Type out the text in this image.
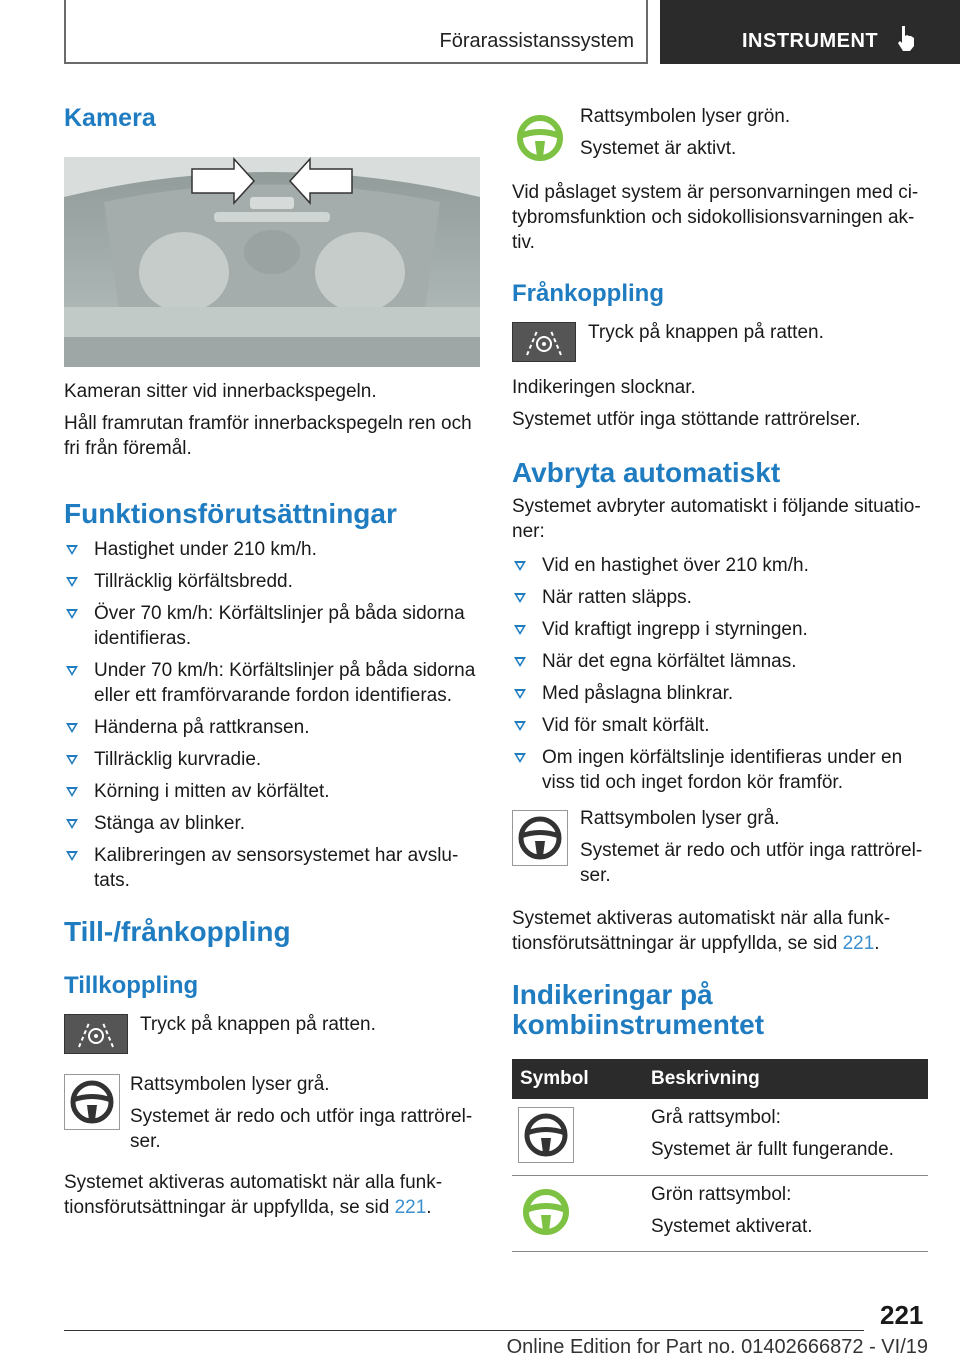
Förarassistanssystem	INSTRUMENT
Kamera

Kameran sitter vid innerbackspegeln.

Håll framrutan framför innerbackspegeln ren och fri från föremål.

Funktionsförutsättningar
Hastighet under 210 km/h.
Tillräcklig körfältsbredd.
Över 70 km/h: Körfältslinjer på båda sidorna identifieras.
Under 70 km/h: Körfältslinjer på båda sidorna eller ett framförvarande fordon identifieras.
Händerna på rattkransen.
Tillräcklig kurvradie.
Körning i mitten av körfältet.
Stänga av blinker.
Kalibreringen av sensorsystemet har avslu-tats.
Till-/frånkoppling
Tillkoppling

Tryck på knappen på ratten.

Rattsymbolen lyser grå.

Systemet är redo och utför inga rattrörel-ser.

Systemet aktiveras automatiskt när alla funk-tionsförutsättningar är uppfyllda, se sid 221.

Rattsymbolen lyser grön.

Systemet är aktivt.

Vid påslaget system är personvarningen med ci-tybromsfunktion och sidokollisionsvarningen ak-tiv.

Frånkoppling

Tryck på knappen på ratten.

Indikeringen slocknar.

Systemet utför inga stöttande rattrörelser.

Avbryta automatiskt

Systemet avbryter automatiskt i följande situatio-ner:

Vid en hastighet över 210 km/h.
När ratten släpps.
Vid kraftigt ingrepp i styrningen.
När det egna körfältet lämnas.
Med påslagna blinkrar.
Vid för smalt körfält.
Om ingen körfältslinje identifieras under en viss tid och inget fordon kör framför.

Rattsymbolen lyser grå.

Systemet är redo och utför inga rattrörel-ser.

Systemet aktiveras automatiskt när alla funk-tionsförutsättningar är uppfyllda, se sid 221.

Indikeringar på kombiinstrumentet
Symbol	Beskrivning

Grå rattsymbol:

Systemet är fullt fungerande.

Grön rattsymbol:

Systemet aktiverat.

221
Online Edition for Part no. 01402666872 - VI/19
